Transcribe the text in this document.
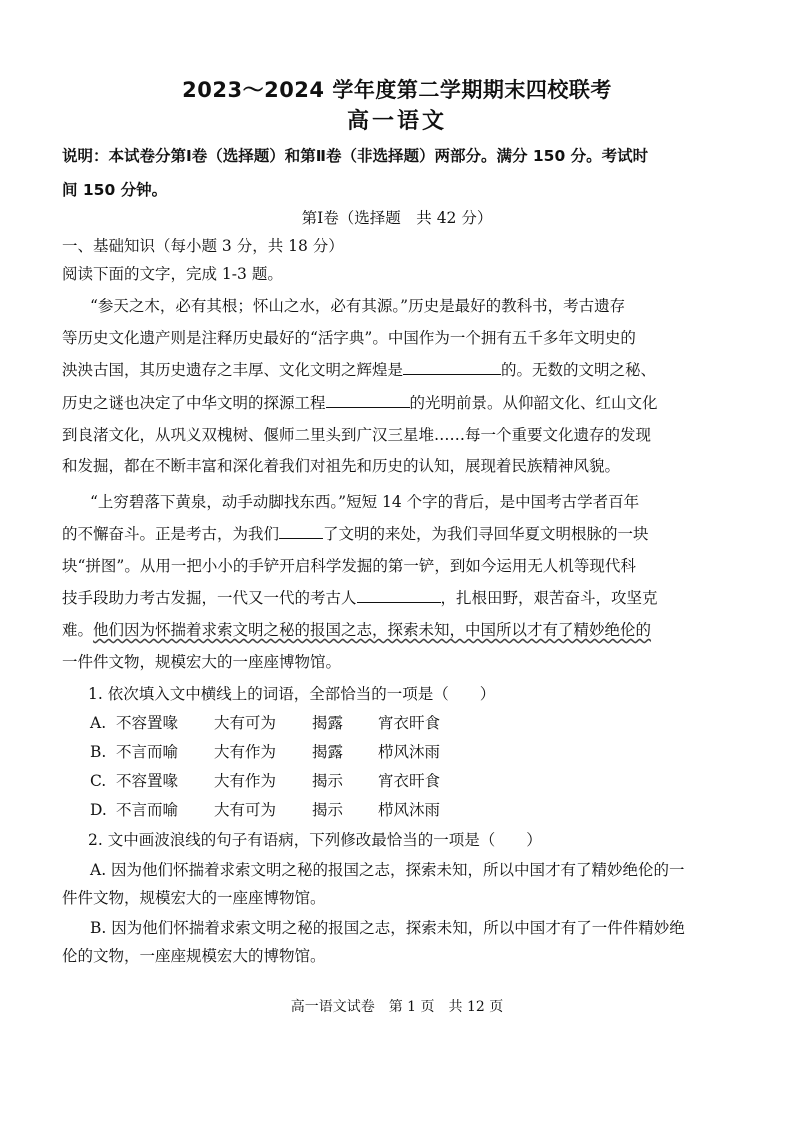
2023～2024 学年度第二学期期末四校联考
高一语文
说明：本试卷分第Ⅰ卷（选择题）和第Ⅱ卷（非选择题）两部分。满分 150 分。考试时
间 150 分钟。
第Ⅰ卷（选择题　共 42 分）
一、基础知识（每小题 3 分，共 18 分）
阅读下面的文字，完成 1-3 题。
“参天之木，必有其根；怀山之水，必有其源。”历史是最好的教科书，考古遗存
等历史文化遗产则是注释历史最好的“活字典”。中国作为一个拥有五千多年文明史的
泱泱古国，其历史遗存之丰厚、文化文明之辉煌是	的。无数的文明之秘、
历史之谜也决定了中华文明的探源工程	的光明前景。从仰韶文化、红山文化
到良渚文化，从巩义双槐树、偃师二里头到广汉三星堆……每一个重要文化遗存的发现
和发掘，都在不断丰富和深化着我们对祖先和历史的认知，展现着民族精神风貌。
“上穷碧落下黄泉，动手动脚找东西。”短短 14 个字的背后，是中国考古学者百年
的不懈奋斗。正是考古，为我们	了文明的来处，为我们寻回华夏文明根脉的一块
块“拼图”。从用一把小小的手铲开启科学发掘的第一铲，到如今运用无人机等现代科
技手段助力考古发掘，一代又一代的考古人	，扎根田野，艰苦奋斗，攻坚克
难。他们因为怀揣着求索文明之秘的报国之志，探索未知，中国所以才有了精妙绝伦的
一件件文物，规模宏大的一座座博物馆。
1. 依次填入文中横线上的词语，全部恰当的一项是（　　）
A. 不容置喙 大有可为 揭露 宵衣旰食
B. 不言而喻 大有作为 揭露 栉风沐雨
C. 不容置喙 大有作为 揭示 宵衣旰食
D. 不言而喻 大有可为 揭示 栉风沐雨
2. 文中画波浪线的句子有语病，下列修改最恰当的一项是（　　）
A. 因为他们怀揣着求索文明之秘的报国之志，探索未知，所以中国才有了精妙绝伦的一
件件文物，规模宏大的一座座博物馆。
B. 因为他们怀揣着求索文明之秘的报国之志，探索未知，所以中国才有了一件件精妙绝
伦的文物，一座座规模宏大的博物馆。
高一语文试卷　第 1 页　共 12 页
